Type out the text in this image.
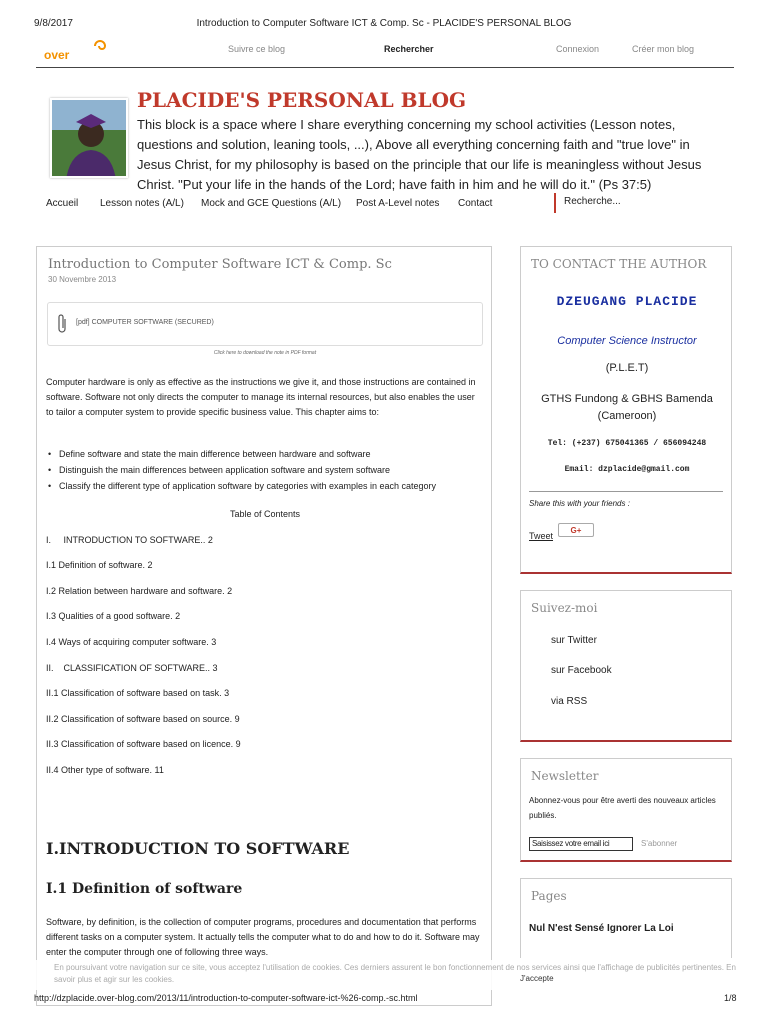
9/8/2017	Introduction to Computer Software ICT & Comp. Sc - PLACIDE'S PERSONAL BLOG
over	Suivre ce blog	Rechercher	Connexion	Créer mon blog
PLACIDE'S PERSONAL BLOG
This block is a space where I share everything concerning my school activities (Lesson notes, questions and solution, leaning tools, ...), Above all everything concerning faith and "true love" in Jesus Christ, for my philosophy is based on the principle that our life is meaningless without Jesus Christ. "Put your life in the hands of the Lord; have faith in him and he will do it." (Ps 37:5)
Accueil Lesson notes (A/L) Mock and GCE Questions (A/L) Post A-Level notes Contact	Recherche...
Introduction to Computer Software ICT & Comp. Sc
30 Novembre 2013
[pdf] COMPUTER SOFTWARE (SECURED)
Click here to download the note in PDF format
Computer hardware is only as effective as the instructions we give it, and those instructions are contained in software. Software not only directs the computer to manage its internal resources, but also enables the user to tailor a computer system to provide specific business value. This chapter aims to:
• Define software and state the main difference between hardware and software
• Distinguish the main differences between application software and system software
• Classify the different type of application software by categories with examples in each category
Table of Contents
I.     INTRODUCTION TO SOFTWARE.. 2
I.1 Definition of software. 2
I.2 Relation between hardware and software. 2
I.3 Qualities of a good software. 2
I.4 Ways of acquiring computer software. 3
II.    CLASSIFICATION OF SOFTWARE.. 3
II.1 Classification of software based on task. 3
II.2 Classification of software based on source. 9
II.3 Classification of software based on licence. 9
II.4 Other type of software. 11
I.INTRODUCTION TO SOFTWARE
I.1 Definition of software
Software, by definition, is the collection of computer programs, procedures and documentation that performs different tasks on a computer system. It actually tells the computer what to do and how to do it. Software may enter the computer through one of following three ways.
TO CONTACT THE AUTHOR
DZEUGANG PLACIDE
Computer Science Instructor
(P.L.E.T)
GTHS Fundong & GBHS Bamenda (Cameroon)
Tel: (+237) 675041365 / 656094248
Email: dzplacide@gmail.com
Share this with your friends :
Tweet
G+
Suivez-moi
sur Twitter
sur Facebook
via RSS
Newsletter
Abonnez-vous pour être averti des nouveaux articles publiés.
Saisissez votre email ici	S'abonner
Pages
Nul N'est Sensé Ignorer La Loi
En poursuivant votre navigation sur ce site, vous acceptez l'utilisation de cookies. Ces derniers assurent le bon fonctionnement de nos services ainsi que l'affichage de publicités pertinentes. En savoir plus et agir sur les cookies.	J'accepte
http://dzplacide.over-blog.com/2013/11/introduction-to-computer-software-ict-%26-comp.-sc.html	1/8
